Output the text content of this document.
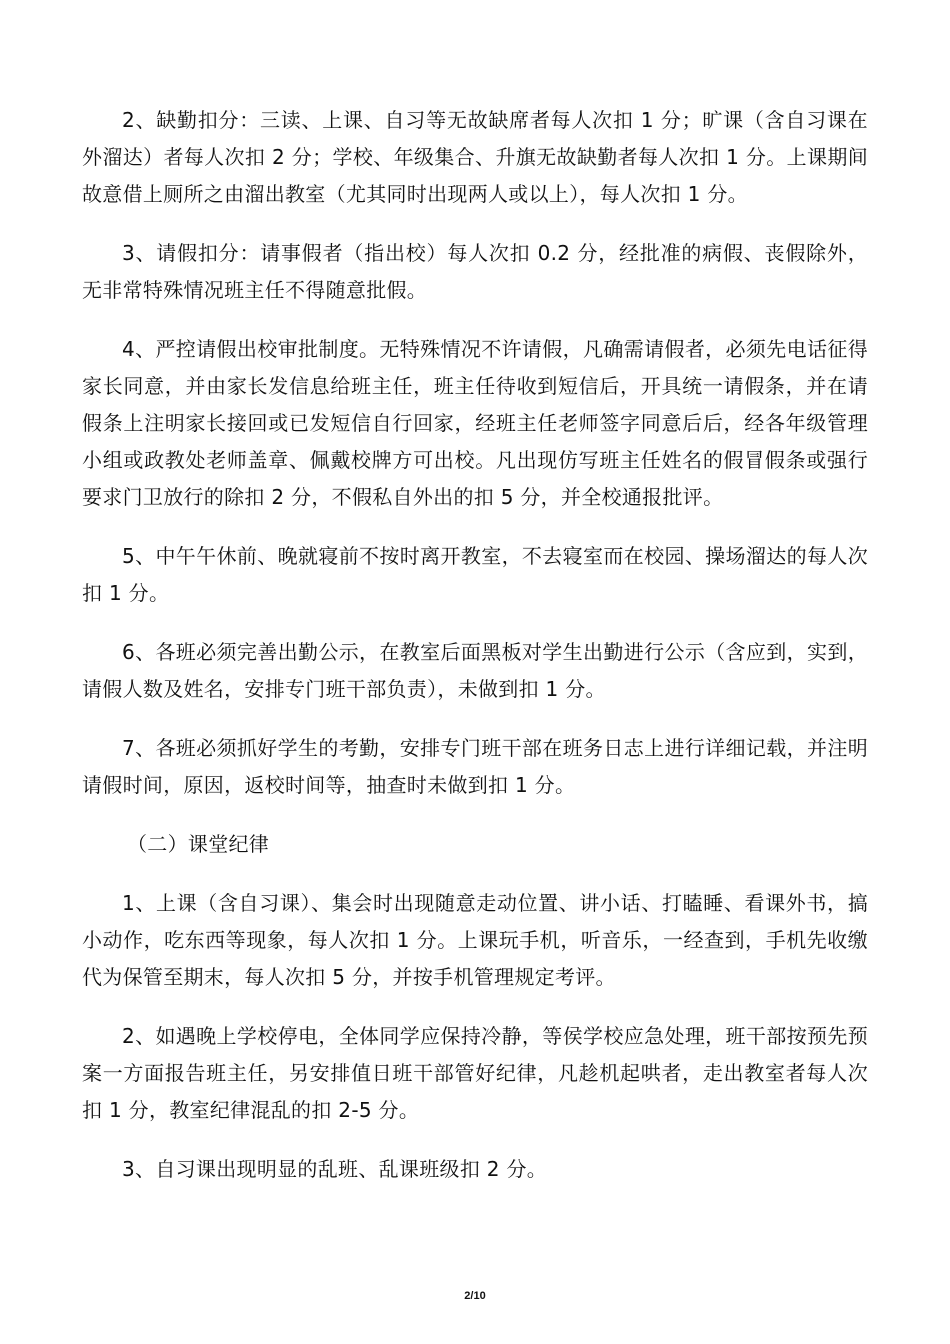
2、缺勤扣分：三读、上课、自习等无故缺席者每人次扣 1 分；旷课（含自习课在外溜达）者每人次扣 2 分；学校、年级集合、升旗无故缺勤者每人次扣 1 分。上课期间故意借上厕所之由溜出教室（尤其同时出现两人或以上），每人次扣 1 分。

3、请假扣分：请事假者（指出校）每人次扣 0.2 分，经批准的病假、丧假除外，无非常特殊情况班主任不得随意批假。

4、严控请假出校审批制度。无特殊情况不许请假，凡确需请假者，必须先电话征得家长同意，并由家长发信息给班主任，班主任待收到短信后，开具统一请假条，并在请假条上注明家长接回或已发短信自行回家，经班主任老师签字同意后后，经各年级管理小组或政教处老师盖章、佩戴校牌方可出校。凡出现仿写班主任姓名的假冒假条或强行要求门卫放行的除扣 2 分，不假私自外出的扣 5 分，并全校通报批评。

5、中午午休前、晚就寝前不按时离开教室，不去寝室而在校园、操场溜达的每人次扣 1 分。

6、各班必须完善出勤公示，在教室后面黑板对学生出勤进行公示（含应到，实到，请假人数及姓名，安排专门班干部负责），未做到扣 1 分。

7、各班必须抓好学生的考勤，安排专门班干部在班务日志上进行详细记载，并注明请假时间，原因，返校时间等，抽查时未做到扣 1 分。

（二）课堂纪律

1、上课（含自习课）、集会时出现随意走动位置、讲小话、打瞌睡、看课外书，搞小动作，吃东西等现象，每人次扣 1 分。上课玩手机，听音乐，一经查到，手机先收缴代为保管至期末，每人次扣 5 分，并按手机管理规定考评。

2、如遇晚上学校停电，全体同学应保持冷静，等侯学校应急处理，班干部按预先预案一方面报告班主任，另安排值日班干部管好纪律，凡趁机起哄者，走出教室者每人次扣 1 分，教室纪律混乱的扣 2-5 分。

3、自习课出现明显的乱班、乱课班级扣 2 分。

2/10
